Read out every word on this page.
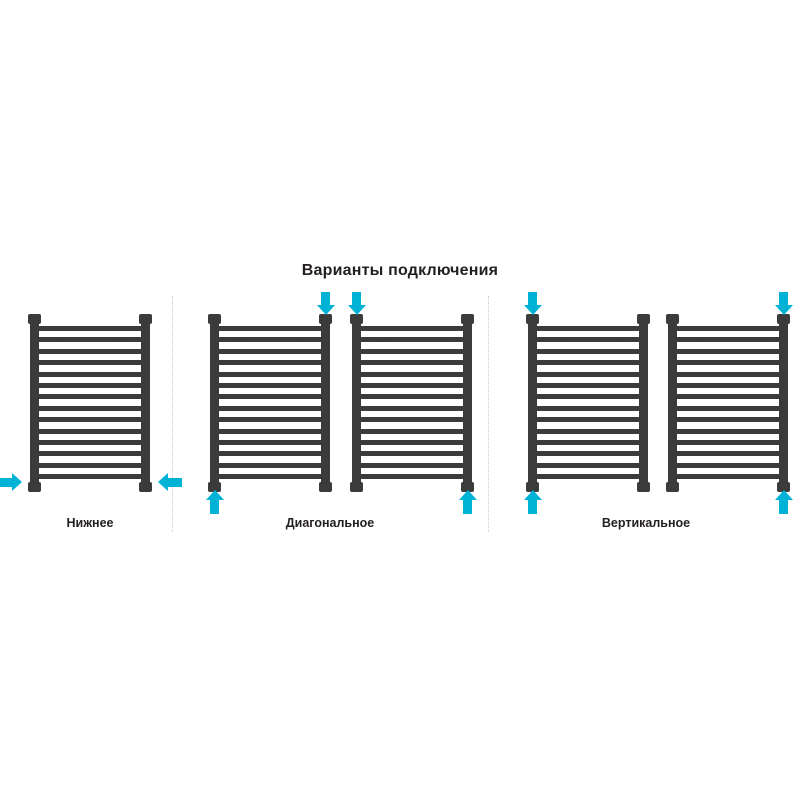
Варианты подключения
Нижнее	Диагональное	Вертикальное
